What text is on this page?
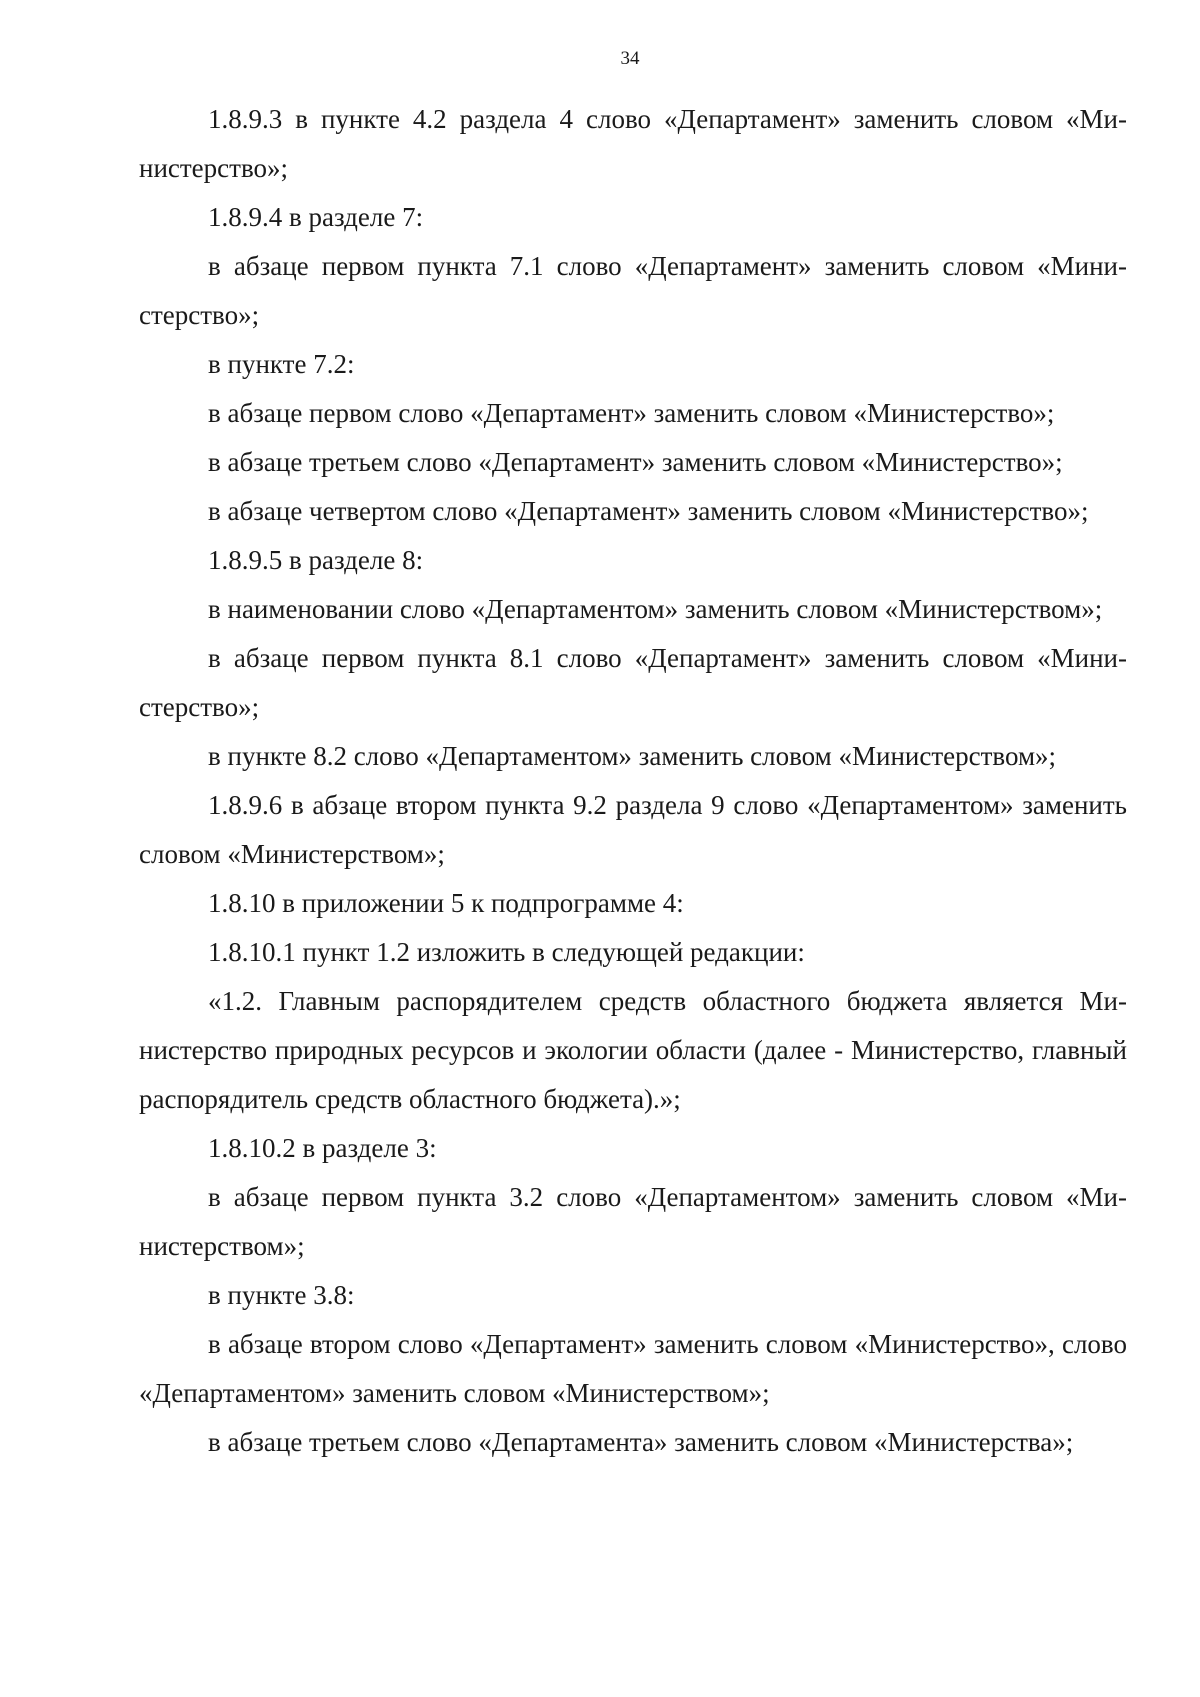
34

1.8.9.3 в пункте 4.2 раздела 4 слово «Департамент» заменить словом «Министерство»;

1.8.9.4 в разделе 7:

в абзаце первом пункта 7.1 слово «Департамент» заменить словом «Министерство»;

в пункте 7.2:

в абзаце первом слово «Департамент» заменить словом «Министерство»;

в абзаце третьем слово «Департамент» заменить словом «Министерство»;

в абзаце четвертом слово «Департамент» заменить словом «Министерство»;

1.8.9.5 в разделе 8:

в наименовании слово «Департаментом» заменить словом «Министерством»;

в абзаце первом пункта 8.1 слово «Департамент» заменить словом «Министерство»;

в пункте 8.2 слово «Департаментом» заменить словом «Министерством»;

1.8.9.6 в абзаце втором пункта 9.2 раздела 9 слово «Департаментом» заменить словом «Министерством»;

1.8.10 в приложении 5 к подпрограмме 4:

1.8.10.1 пункт 1.2 изложить в следующей редакции:

«1.2. Главным распорядителем средств областного бюджета является Министерство природных ресурсов и экологии области (далее - Министерство, главный распорядитель средств областного бюджета).»;

1.8.10.2 в разделе 3:

в абзаце первом пункта 3.2 слово «Департаментом» заменить словом «Министерством»;

в пункте 3.8:

в абзаце втором слово «Департамент» заменить словом «Министерство», слово «Департаментом» заменить словом «Министерством»;

в абзаце третьем слово «Департамента» заменить словом «Министерства»;
